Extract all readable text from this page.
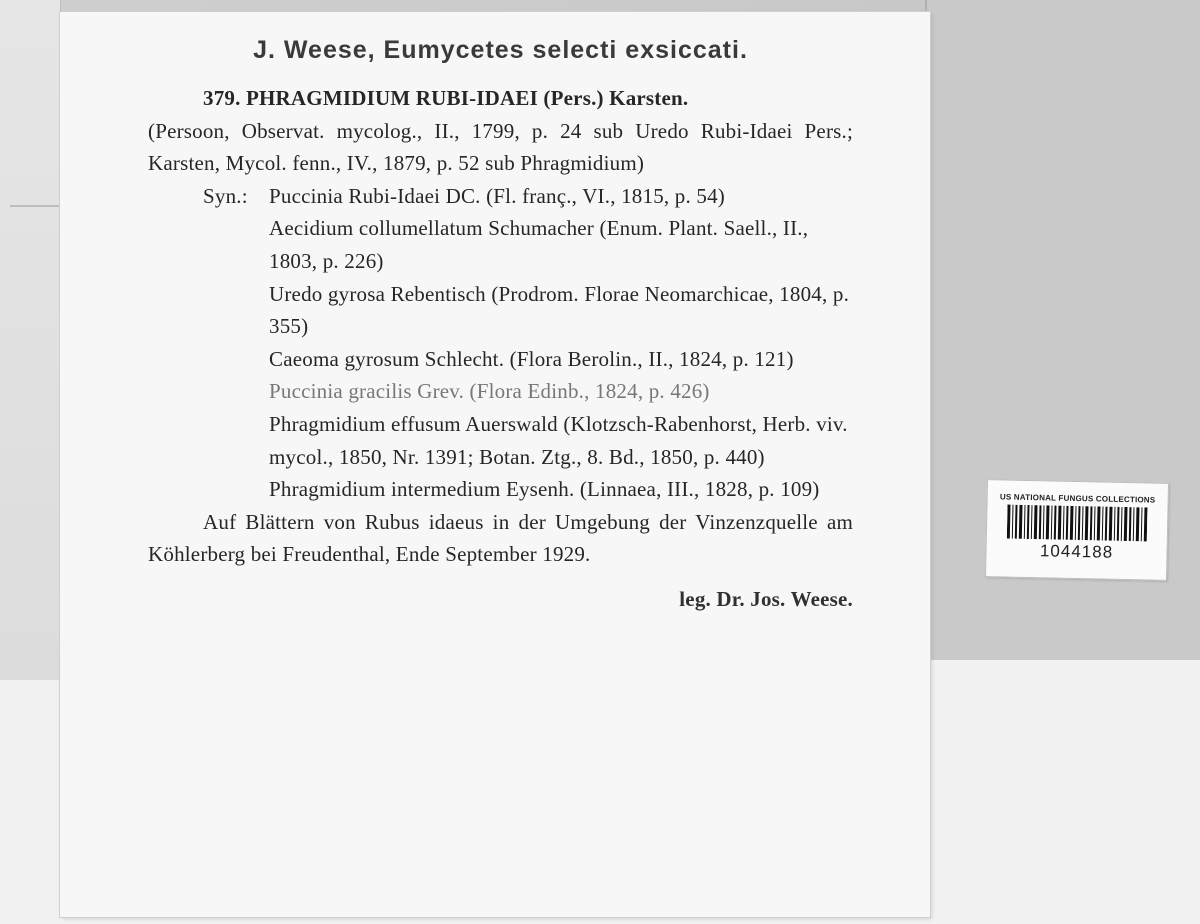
J. Weese, Eumycetes selecti exsiccati.

379. PHRAGMIDIUM RUBI-IDAEI (Pers.) Karsten.

(Persoon, Observat. mycolog., II., 1799, p. 24 sub Uredo Rubi-Idaei Pers.; Karsten, Mycol. fenn., IV., 1879, p. 52 sub Phragmidium)

Syn.:	Puccinia Rubi-Idaei DC. (Fl. franç., VI., 1815, p. 54)

Aecidium collumellatum Schumacher (Enum. Plant. Saell., II., 1803, p. 226)

Uredo gyrosa Rebentisch (Prodrom. Florae Neomarchicae, 1804, p. 355)

Caeoma gyrosum Schlecht. (Flora Berolin., II., 1824, p. 121)

Puccinia gracilis Grev. (Flora Edinb., 1824, p. 426)

Phragmidium effusum Auerswald (Klotzsch-Rabenhorst, Herb. viv. mycol., 1850, Nr. 1391; Botan. Ztg., 8. Bd., 1850, p. 440)

Phragmidium intermedium Eysenh. (Linnaea, III., 1828, p. 109)

Auf Blättern von Rubus idaeus in der Umgebung der Vinzenzquelle am Köhlerberg bei Freudenthal, Ende September 1929.

leg. Dr. Jos. Weese.

US NATIONAL FUNGUS COLLECTIONS
1044188
